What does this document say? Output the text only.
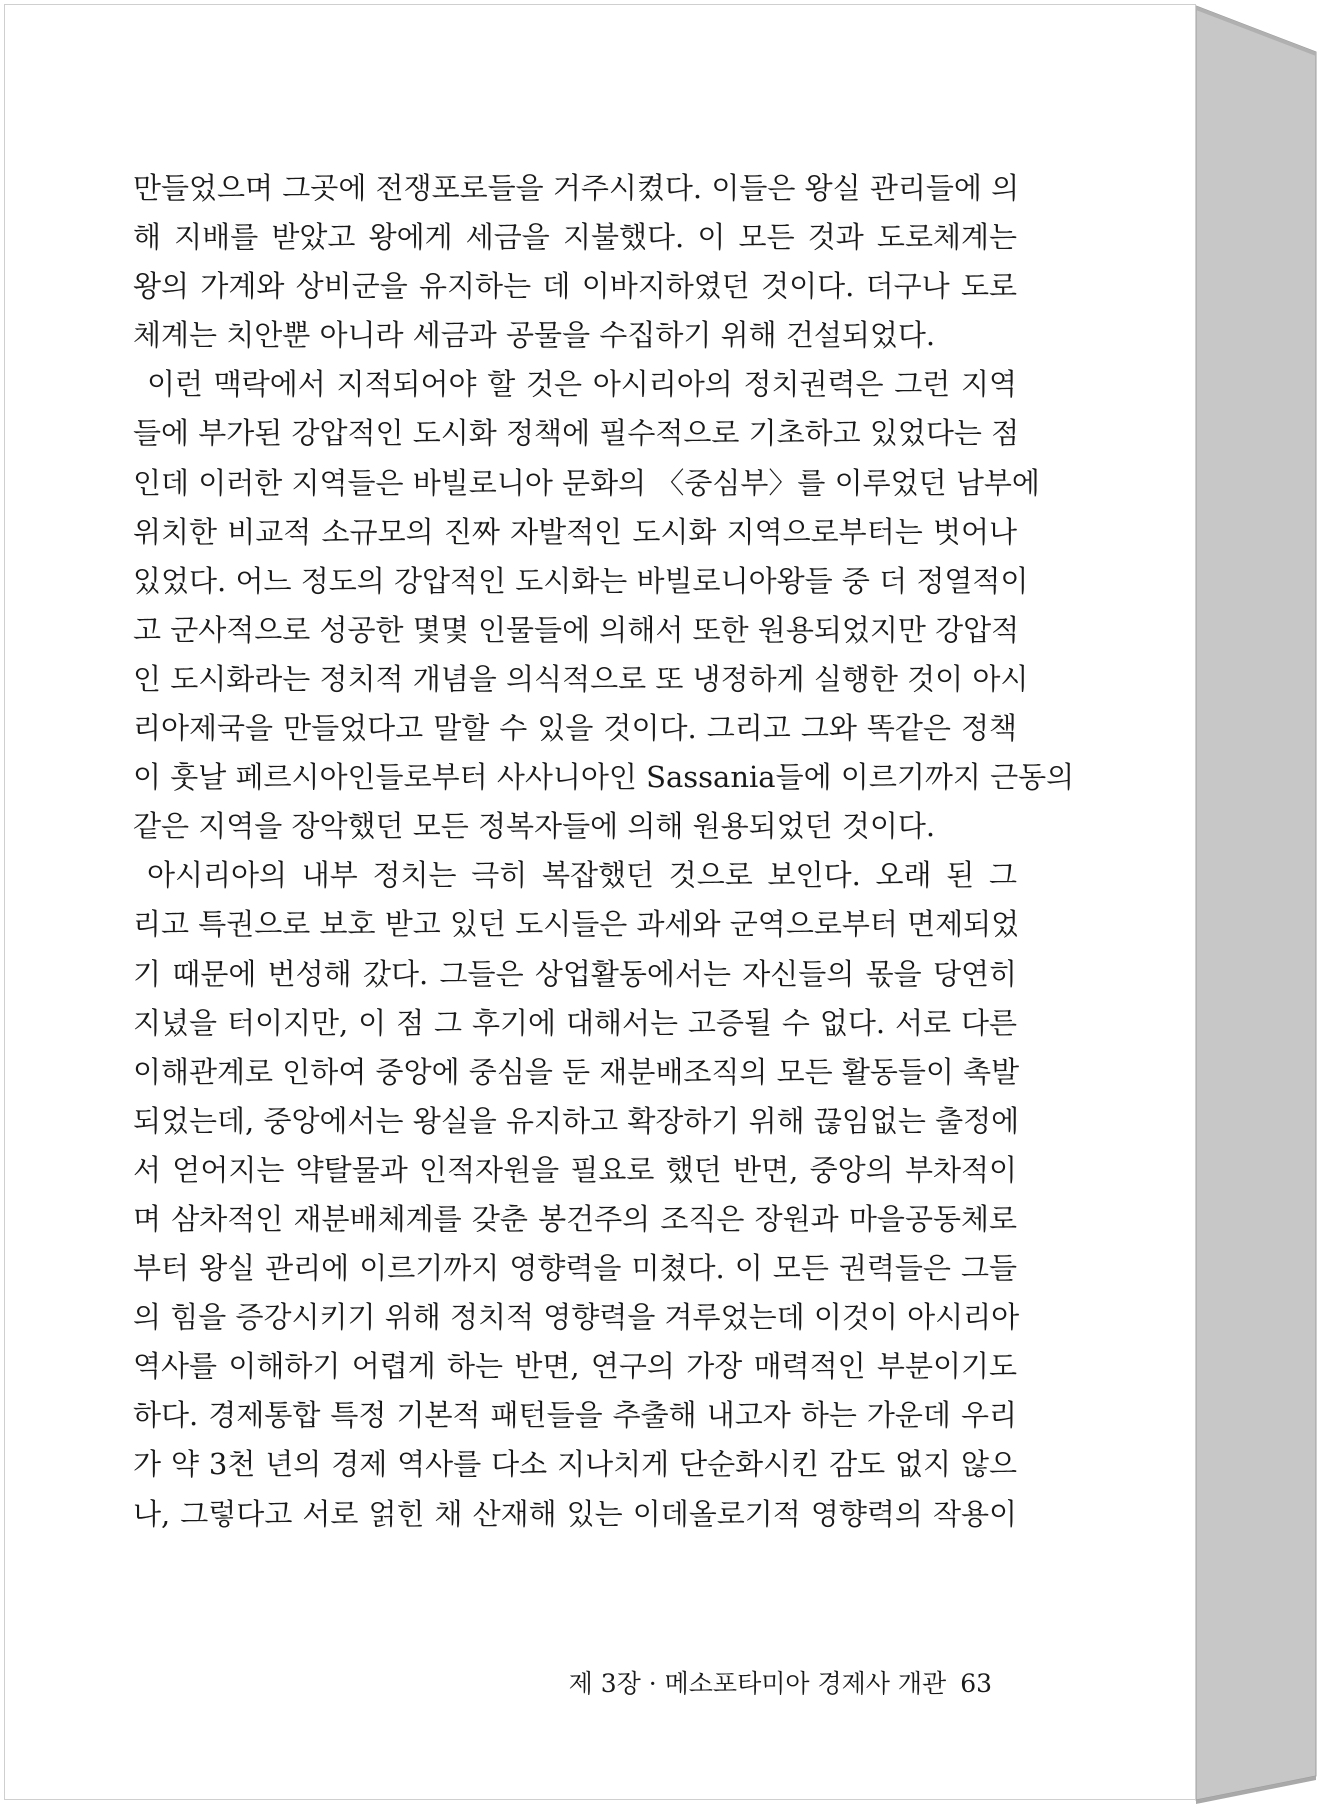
만들었으며 그곳에 전쟁포로들을 거주시켰다. 이들은 왕실 관리들에 의
해 지배를 받았고 왕에게 세금을 지불했다. 이 모든 것과 도로체계는
왕의 가계와 상비군을 유지하는 데 이바지하였던 것이다. 더구나 도로
체계는 치안뿐 아니라 세금과 공물을 수집하기 위해 건설되었다.
이런 맥락에서 지적되어야 할 것은 아시리아의 정치권력은 그런 지역
들에 부가된 강압적인 도시화 정책에 필수적으로 기초하고 있었다는 점
인데 이러한 지역들은 바빌로니아 문화의 〈중심부〉를 이루었던 남부에
위치한 비교적 소규모의 진짜 자발적인 도시화 지역으로부터는 벗어나
있었다. 어느 정도의 강압적인 도시화는 바빌로니아왕들 중 더 정열적이
고 군사적으로 성공한 몇몇 인물들에 의해서 또한 원용되었지만 강압적
인 도시화라는 정치적 개념을 의식적으로 또 냉정하게 실행한 것이 아시
리아제국을 만들었다고 말할 수 있을 것이다. 그리고 그와 똑같은 정책
이 훗날 페르시아인들로부터 사사니아인 Sassania들에 이르기까지 근동의
같은 지역을 장악했던 모든 정복자들에 의해 원용되었던 것이다.
아시리아의 내부 정치는 극히 복잡했던 것으로 보인다. 오래 된 그
리고 특권으로 보호 받고 있던 도시들은 과세와 군역으로부터 면제되었
기 때문에 번성해 갔다. 그들은 상업활동에서는 자신들의 몫을 당연히
지녔을 터이지만, 이 점 그 후기에 대해서는 고증될 수 없다. 서로 다른
이해관계로 인하여 중앙에 중심을 둔 재분배조직의 모든 활동들이 촉발
되었는데, 중앙에서는 왕실을 유지하고 확장하기 위해 끊임없는 출정에
서 얻어지는 약탈물과 인적자원을 필요로 했던 반면, 중앙의 부차적이
며 삼차적인 재분배체계를 갖춘 봉건주의 조직은 장원과 마을공동체로
부터 왕실 관리에 이르기까지 영향력을 미쳤다. 이 모든 권력들은 그들
의 힘을 증강시키기 위해 정치적 영향력을 겨루었는데 이것이 아시리아
역사를 이해하기 어렵게 하는 반면, 연구의 가장 매력적인 부분이기도
하다. 경제통합 특정 기본적 패턴들을 추출해 내고자 하는 가운데 우리
가 약 3천 년의 경제 역사를 다소 지나치게 단순화시킨 감도 없지 않으
나, 그렇다고 서로 얽힌 채 산재해 있는 이데올로기적 영향력의 작용이
제 3장 · 메소포타미아 경제사 개관 63
